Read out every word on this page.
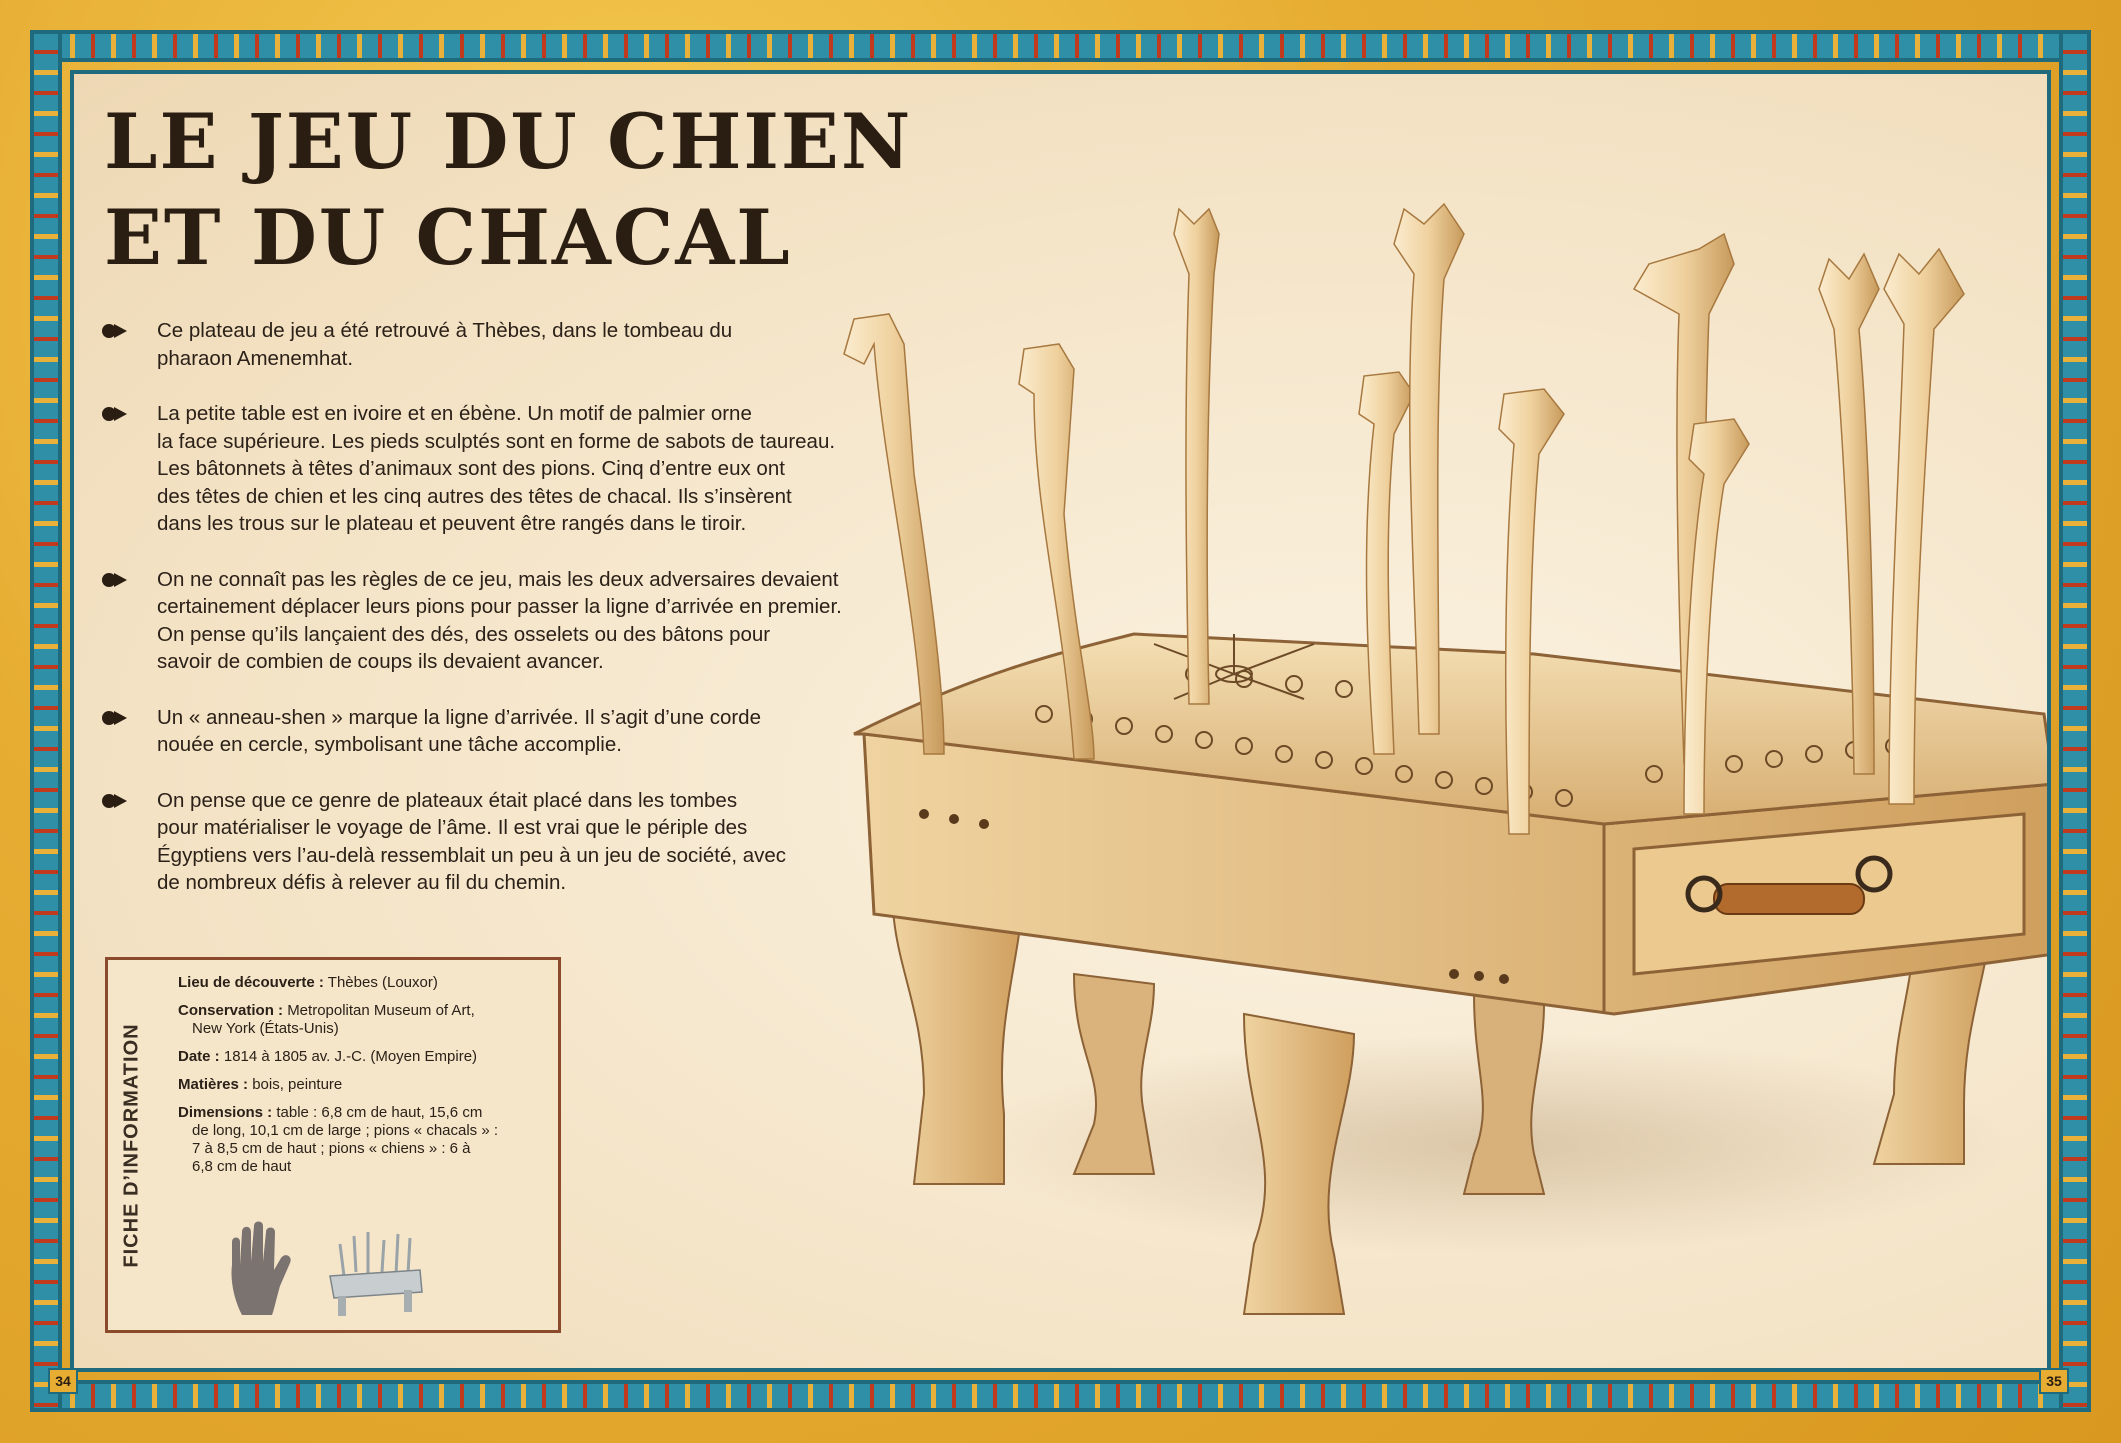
LE JEU DU CHIEN
ET DU CHACAL
Ce plateau de jeu a été retrouvé à Thèbes, dans le tombeau du
pharaon Amenemhat.
La petite table est en ivoire et en ébène. Un motif de palmier orne
la face supérieure. Les pieds sculptés sont en forme de sabots de taureau.
Les bâtonnets à têtes d’animaux sont des pions. Cinq d’entre eux ont
des têtes de chien et les cinq autres des têtes de chacal. Ils s’insèrent
dans les trous sur le plateau et peuvent être rangés dans le tiroir.
On ne connaît pas les règles de ce jeu, mais les deux adversaires devaient
certainement déplacer leurs pions pour passer la ligne d’arrivée en premier.
On pense qu’ils lançaient des dés, des osselets ou des bâtons pour
savoir de combien de coups ils devaient avancer.
Un « anneau-shen » marque la ligne d’arrivée. Il s’agit d’une corde
nouée en cercle, symbolisant une tâche accomplie.
On pense que ce genre de plateaux était placé dans les tombes
pour matérialiser le voyage de l’âme. Il est vrai que le périple des
Égyptiens vers l’au-delà ressemblait un peu à un jeu de société, avec
de nombreux défis à relever au fil du chemin.
FICHE D’INFORMATION
Lieu de découverte : Thèbes (Louxor)
Conservation : Metropolitan Museum of Art,
New York (États-Unis)
Date : 1814 à 1805 av. J.-C. (Moyen Empire)
Matières : bois, peinture
Dimensions : table : 6,8 cm de haut, 15,6 cm
de long, 10,1 cm de large ; pions « chacals » :
7 à 8,5 cm de haut ; pions « chiens » : 6 à
6,8 cm de haut
34	35
